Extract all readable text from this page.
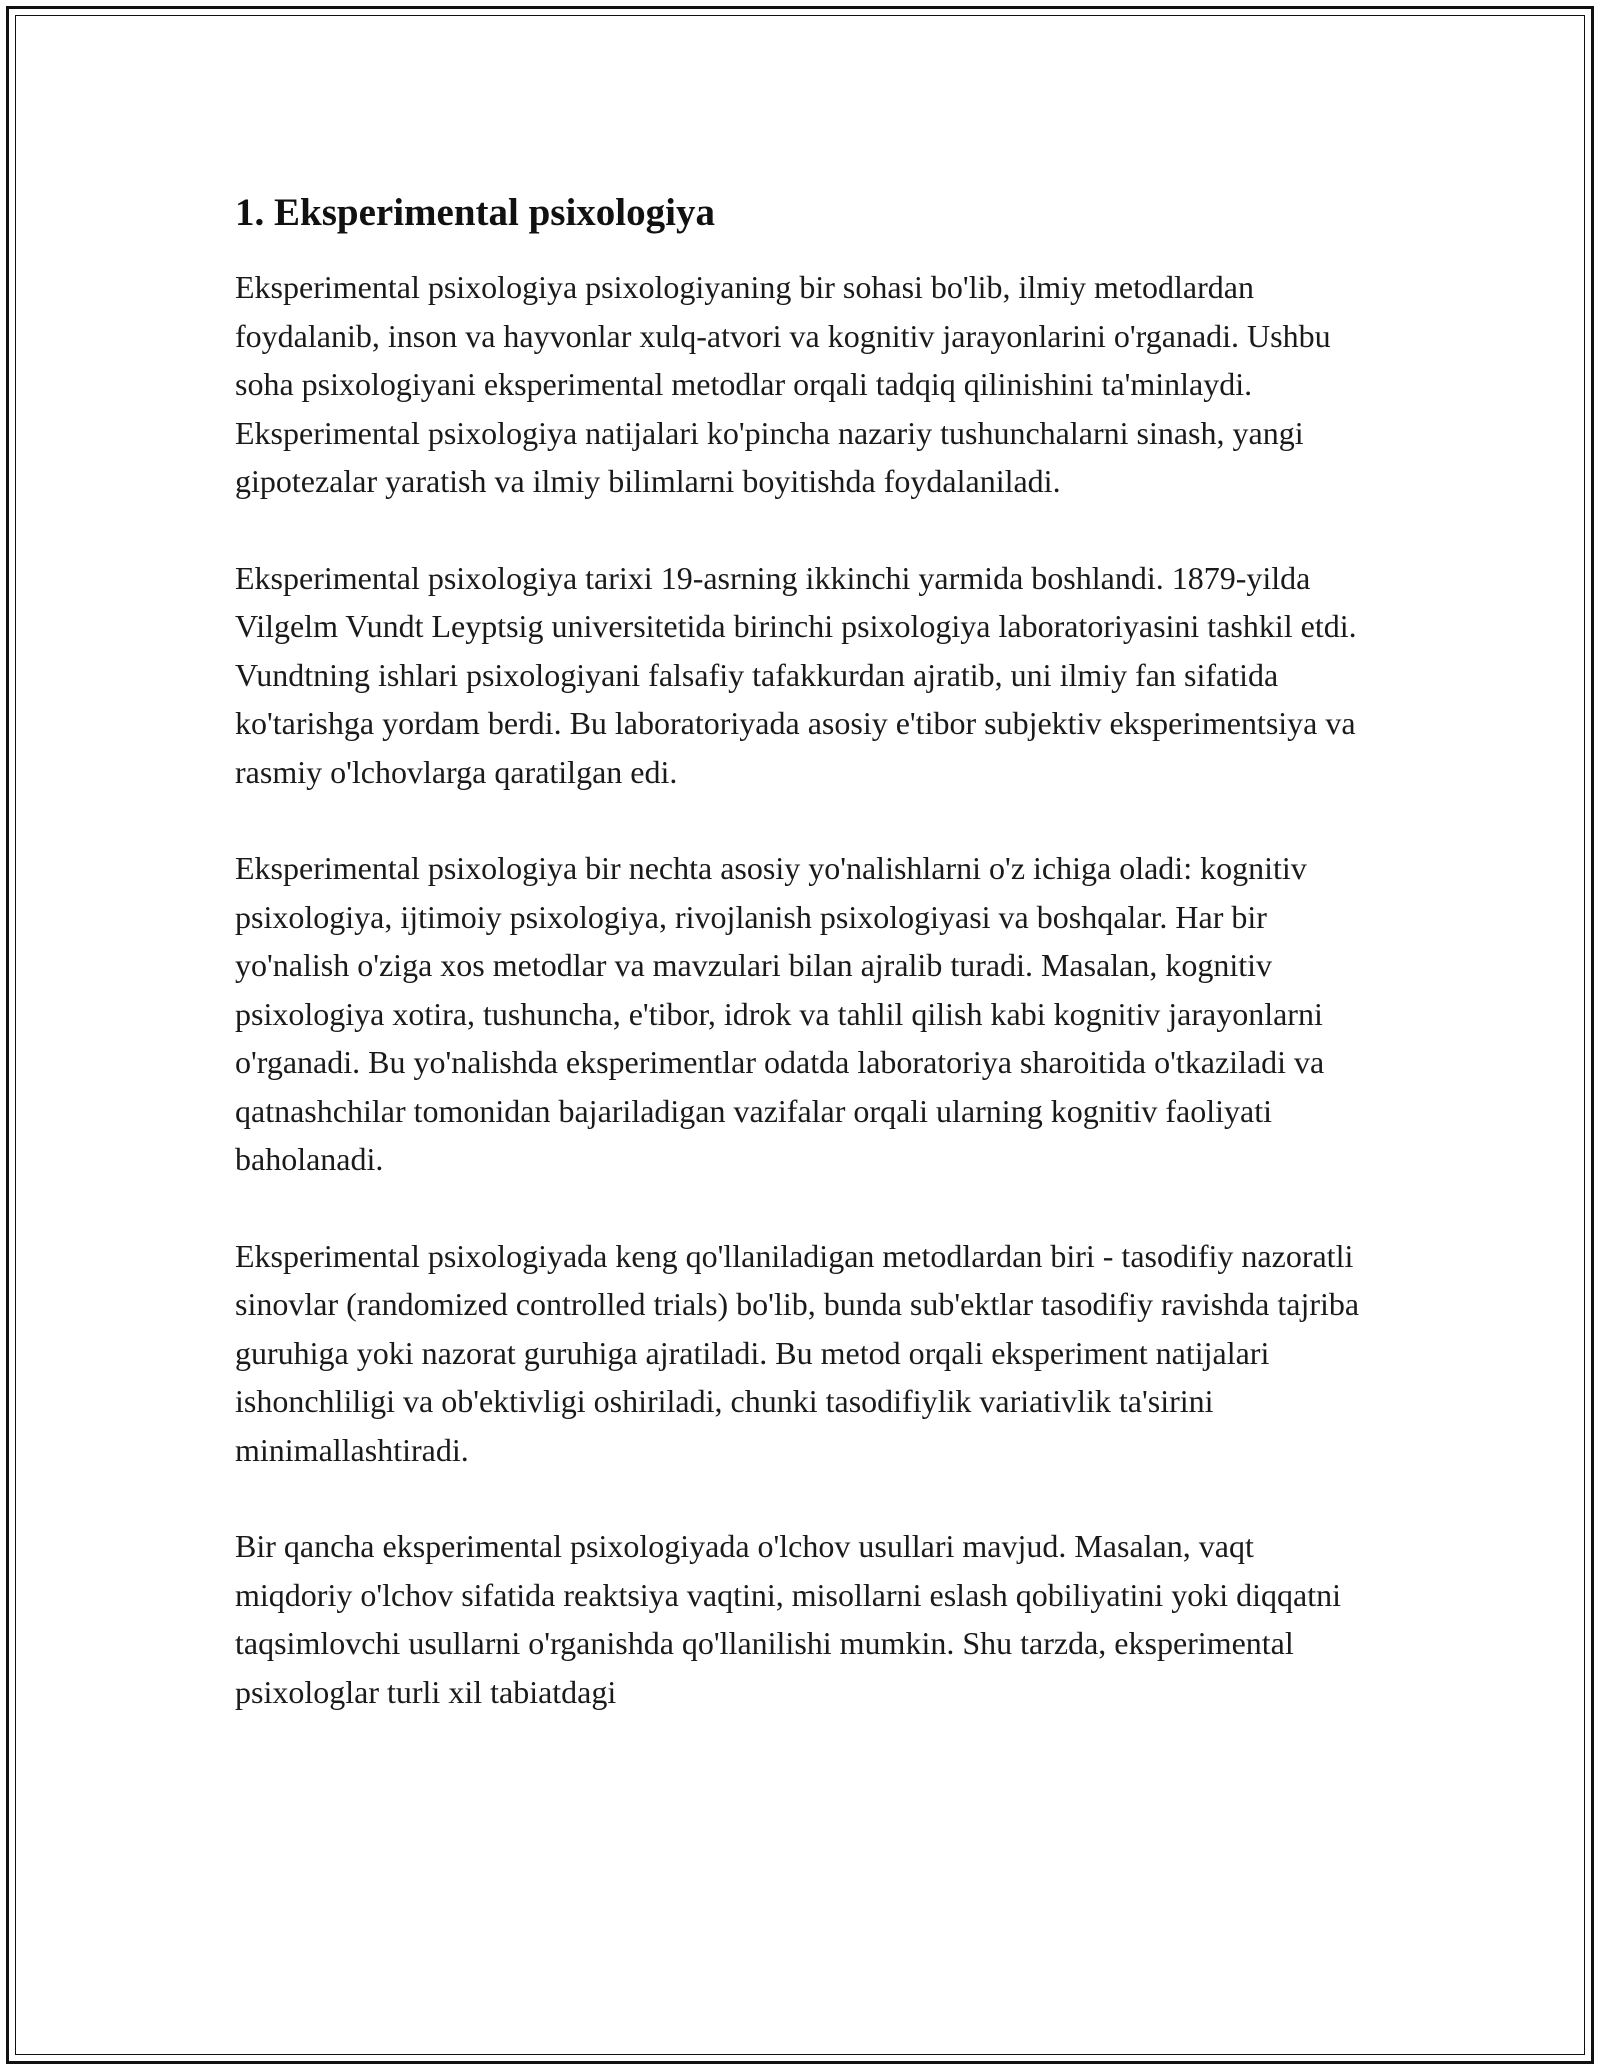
1. Eksperimental psixologiya

Eksperimental psixologiya psixologiyaning bir sohasi bo'lib, ilmiy metodlardan foydalanib, inson va hayvonlar xulq-atvori va kognitiv jarayonlarini o'rganadi. Ushbu soha psixologiyani eksperimental metodlar orqali tadqiq qilinishini ta'minlaydi. Eksperimental psixologiya natijalari ko'pincha nazariy tushunchalarni sinash, yangi gipotezalar yaratish va ilmiy bilimlarni boyitishda foydalaniladi.

Eksperimental psixologiya tarixi 19-asrning ikkinchi yarmida boshlandi. 1879-yilda Vilgelm Vundt Leyptsig universitetida birinchi psixologiya laboratoriyasini tashkil etdi. Vundtning ishlari psixologiyani falsafiy tafakkurdan ajratib, uni ilmiy fan sifatida ko'tarishga yordam berdi. Bu laboratoriyada asosiy e'tibor subjektiv eksperimentsiya va rasmiy o'lchovlarga qaratilgan edi.

Eksperimental psixologiya bir nechta asosiy yo'nalishlarni o'z ichiga oladi: kognitiv psixologiya, ijtimoiy psixologiya, rivojlanish psixologiyasi va boshqalar. Har bir yo'nalish o'ziga xos metodlar va mavzulari bilan ajralib turadi. Masalan, kognitiv psixologiya xotira, tushuncha, e'tibor, idrok va tahlil qilish kabi kognitiv jarayonlarni o'rganadi. Bu yo'nalishda eksperimentlar odatda laboratoriya sharoitida o'tkaziladi va qatnashchilar tomonidan bajariladigan vazifalar orqali ularning kognitiv faoliyati baholanadi.

Eksperimental psixologiyada keng qo'llaniladigan metodlardan biri - tasodifiy nazoratli sinovlar (randomized controlled trials) bo'lib, bunda sub'ektlar tasodifiy ravishda tajriba guruhiga yoki nazorat guruhiga ajratiladi. Bu metod orqali eksperiment natijalari ishonchliligi va ob'ektivligi oshiriladi, chunki tasodifiylik variativlik ta'sirini minimallashtiradi.

Bir qancha eksperimental psixologiyada o'lchov usullari mavjud. Masalan, vaqt miqdoriy o'lchov sifatida reaktsiya vaqtini, misollarni eslash qobiliyatini yoki diqqatni taqsimlovchi usullarni o'rganishda qo'llanilishi mumkin. Shu tarzda, eksperimental psixologlar turli xil tabiatdagi
